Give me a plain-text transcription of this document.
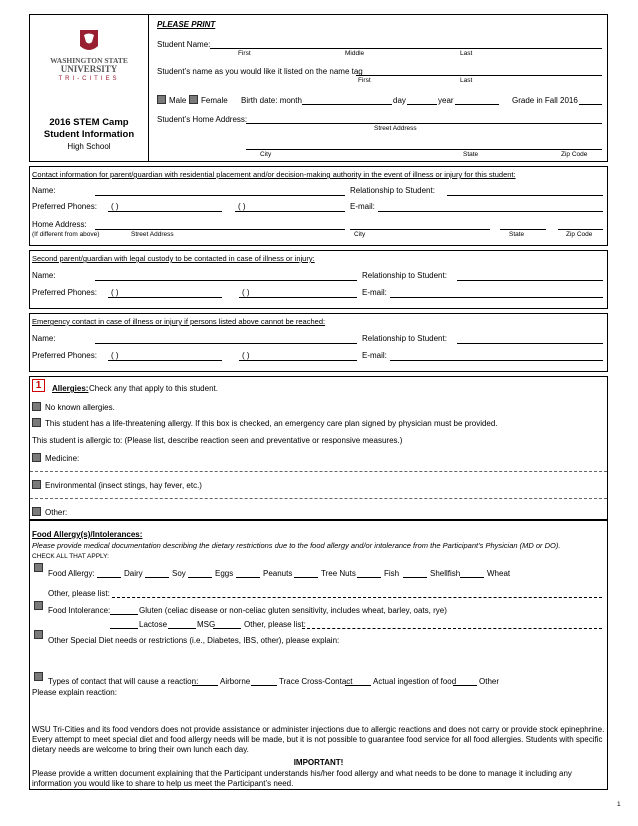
WASHINGTON STATE
UNIVERSITY
TRI-CITIES
2016 STEM Camp
Student Information
High School
PLEASE PRINT
Student Name:
First	Middle	Last
Student’s name as you would like it listed on the name tag
First	Last
Male Female Birth date: month	day	year	Grade in Fall 2016
Student’s Home Address:
Street Address
City	State	Zip Code
Contact information for parent/guardian with residential placement and/or decision-making authority in the event of illness or injury for this student:
Name:	Relationship to Student:
Preferred Phones: ( )	( )	E-mail:
Home Address:
(If different from above)	Street Address	City	State	Zip Code
Second parent/guardian with legal custody to be contacted in case of illness or injury:
Name:	Relationship to Student:
Preferred Phones: ( )	( )	E-mail:
Emergency contact in case of illness or injury if persons listed above cannot be reached:
Name:	Relationship to Student:
Preferred Phones: ( )	( )	E-mail:
1	Allergies: Check any that apply to this student.
No known allergies.
This student has a life-threatening allergy. If this box is checked, an emergency care plan signed by physician must be provided.
This student is allergic to: (Please list, describe reaction seen and preventative or responsive measures.)
Medicine:
Environmental (insect stings, hay fever, etc.)
Other:
Food Allergy(s)/Intolerances:
Please provide medical documentation describing the dietary restrictions due to the food allergy and/or intolerance from the Participant’s Physician (MD or DO).
CHECK ALL THAT APPLY:
Food Allergy:	Dairy	Soy	Eggs	Peanuts	Tree Nuts	Fish	Shellfish	Wheat
Other, please list:
Food Intolerance:	Gluten (celiac disease or non-celiac gluten sensitivity, includes wheat, barley, oats, rye)
Lactose	MSG	Other, please list:
Other Special Diet needs or restrictions (i.e., Diabetes, IBS, other), please explain:
Types of contact that will cause a reaction:	Airborne	Trace Cross-Contact	Actual ingestion of food	Other
Please explain reaction:
WSU Tri-Cities and its food vendors does not provide assistance or administer injections due to allergic reactions and does not carry or provide stock epinephrine. Every attempt to meet special diet and food allergy needs will be made, but it is not possible to guarantee food service for all food allergies. Students with specific dietary needs are welcome to bring their own lunch each day.
IMPORTANT!
Please provide a written document explaining that the Participant understands his/her food allergy and what needs to be done to manage it including any information you would like to share to help us meet the Participant’s need.
1
